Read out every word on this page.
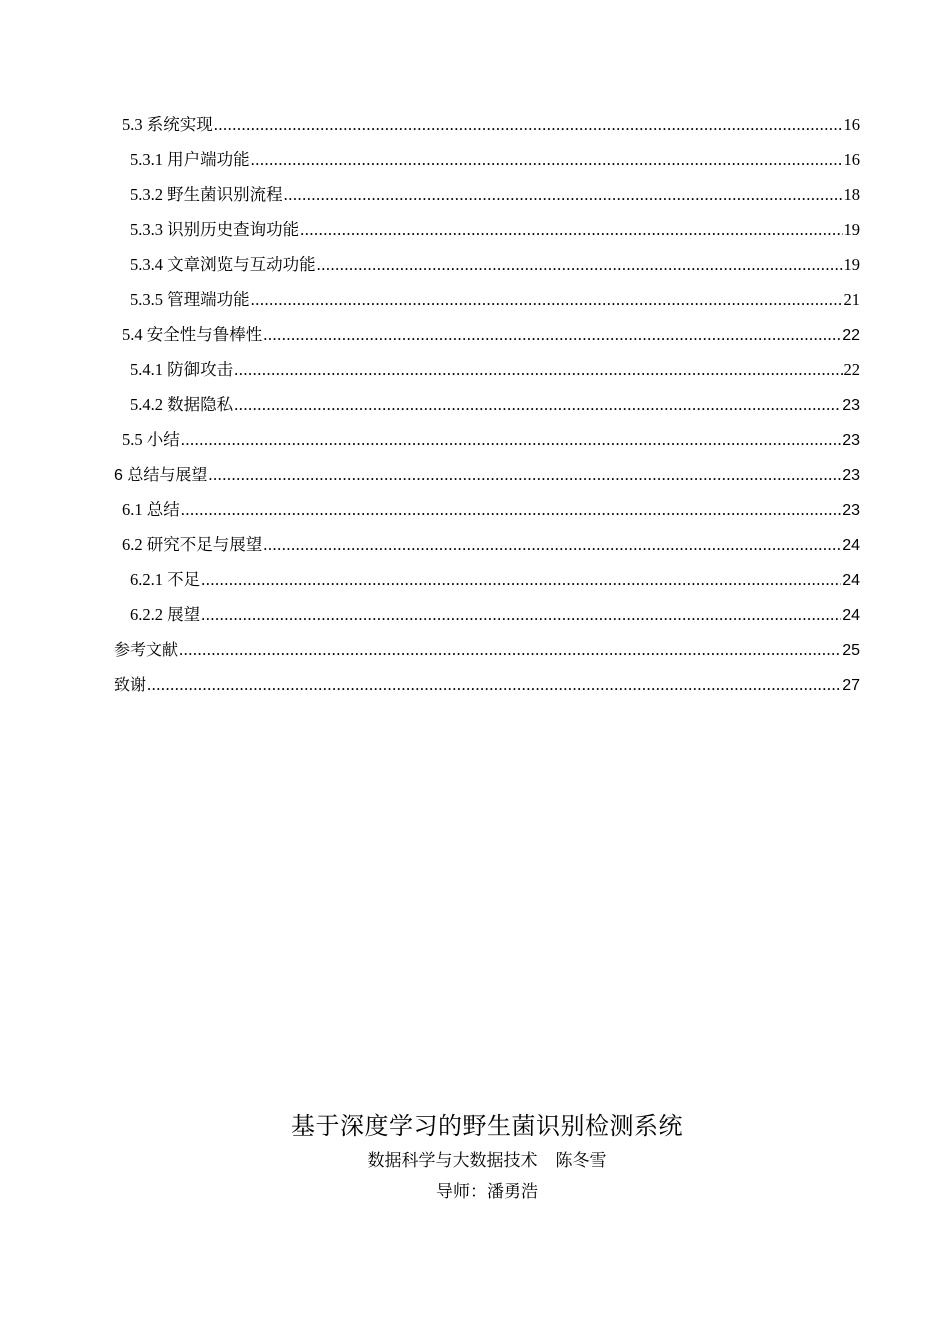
5.3 系统实现 .....	16
5.3.1 用户端功能 .....	16
5.3.2 野生菌识别流程 .....	18
5.3.3 识别历史查询功能 .....	19
5.3.4 文章浏览与互动功能 .....	19
5.3.5 管理端功能 .....	21
5.4 安全性与鲁棒性 .....	22
5.4.1 防御攻击 .....	22
5.4.2 数据隐私 .....	23
5.5 小结 .....	23
6 总结与展望 .....	23
6.1 总结 .....	23
6.2 研究不足与展望 .....	24
6.2.1 不足 .....	24
6.2.2 展望 .....	24
参考文献 .....	25
致谢 .....	27
基于深度学习的野生菌识别检测系统
数据科学与大数据技术 陈冬雪
导师：潘勇浩
